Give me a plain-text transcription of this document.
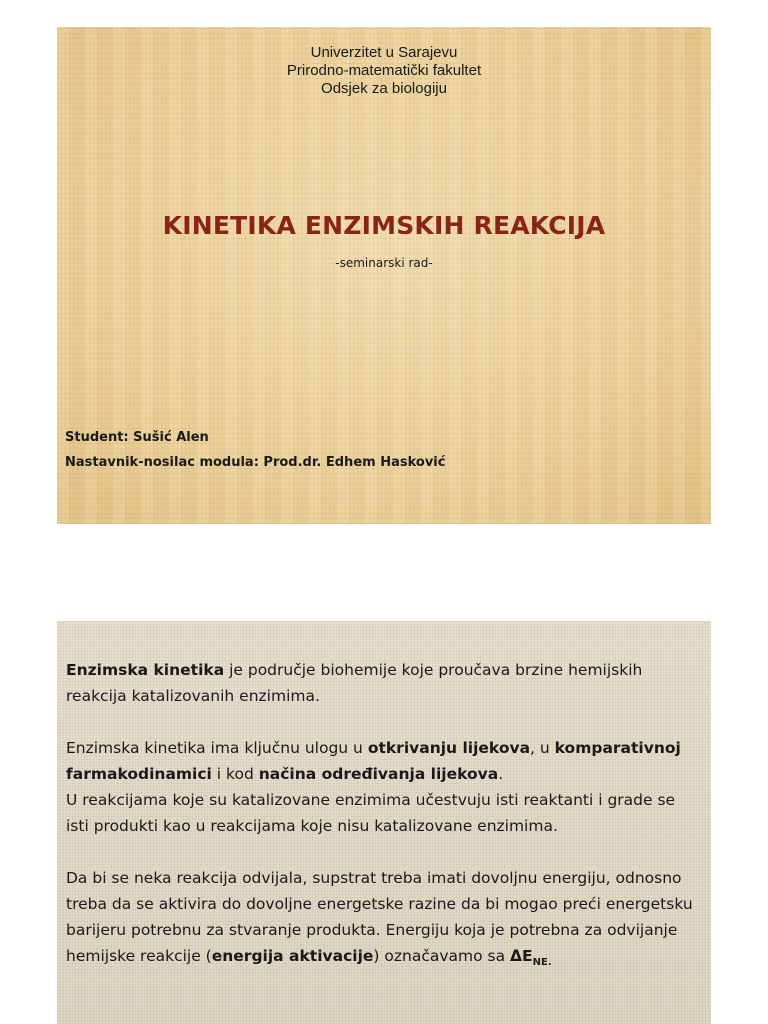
Univerzitet u Sarajevu
Prirodno-matematički fakultet
Odsjek za biologiju
KINETIKA ENZIMSKIH REAKCIJA
-seminarski rad-
Student: Sušić Alen
Nastavnik-nosilac modula: Prod.dr. Edhem Hasković

Enzimska kinetika je područje biohemije koje proučava brzine hemijskih reakcija katalizovanih enzimima.

Enzimska kinetika ima ključnu ulogu u otkrivanju lijekova, u komparativnoj farmakodinamici i kod načina određivanja lijekova.

U reakcijama koje su katalizovane enzimima učestvuju isti reaktanti i grade se isti produkti kao u reakcijama koje nisu katalizovane enzimima.

Da bi se neka reakcija odvijala, supstrat treba imati dovoljnu energiju, odnosno treba da se aktivira do dovoljne energetske razine da bi mogao preći energetsku barijeru potrebnu za stvaranje produkta. Energiju koja je potrebna za odvijanje hemijske reakcije (energija aktivacije) označavamo sa $\Delta E_{NE.}$
